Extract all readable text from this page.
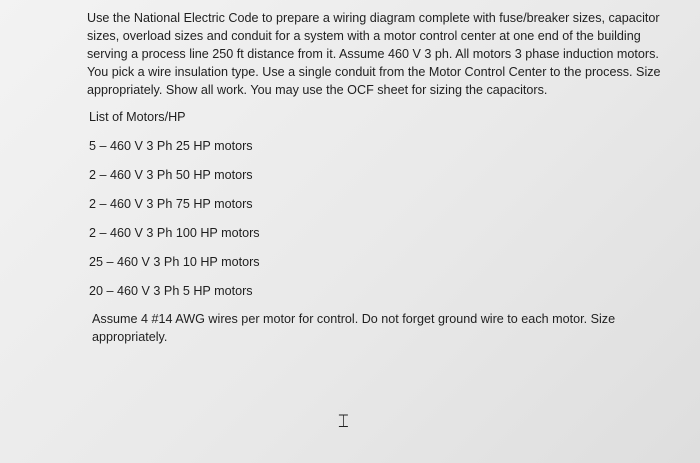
Use the National Electric Code to prepare a wiring diagram complete with fuse/breaker sizes, capacitor sizes, overload sizes and conduit for a system with a motor control center at one end of the building serving a process line 250 ft distance from it. Assume 460 V 3 ph. All motors 3 phase induction motors. You pick a wire insulation type. Use a single conduit from the Motor Control Center to the process. Size appropriately. Show all work. You may use the OCF sheet for sizing the capacitors.

List of Motors/HP

5 – 460 V 3 Ph 25 HP motors
2 – 460 V 3 Ph 50 HP motors
2 – 460 V 3 Ph 75 HP motors
2 – 460 V 3 Ph 100 HP motors
25 – 460 V 3 Ph 10 HP motors
20 – 460 V 3 Ph 5 HP motors

Assume 4 #14 AWG wires per motor for control. Do not forget ground wire to each motor. Size appropriately.

⌶
